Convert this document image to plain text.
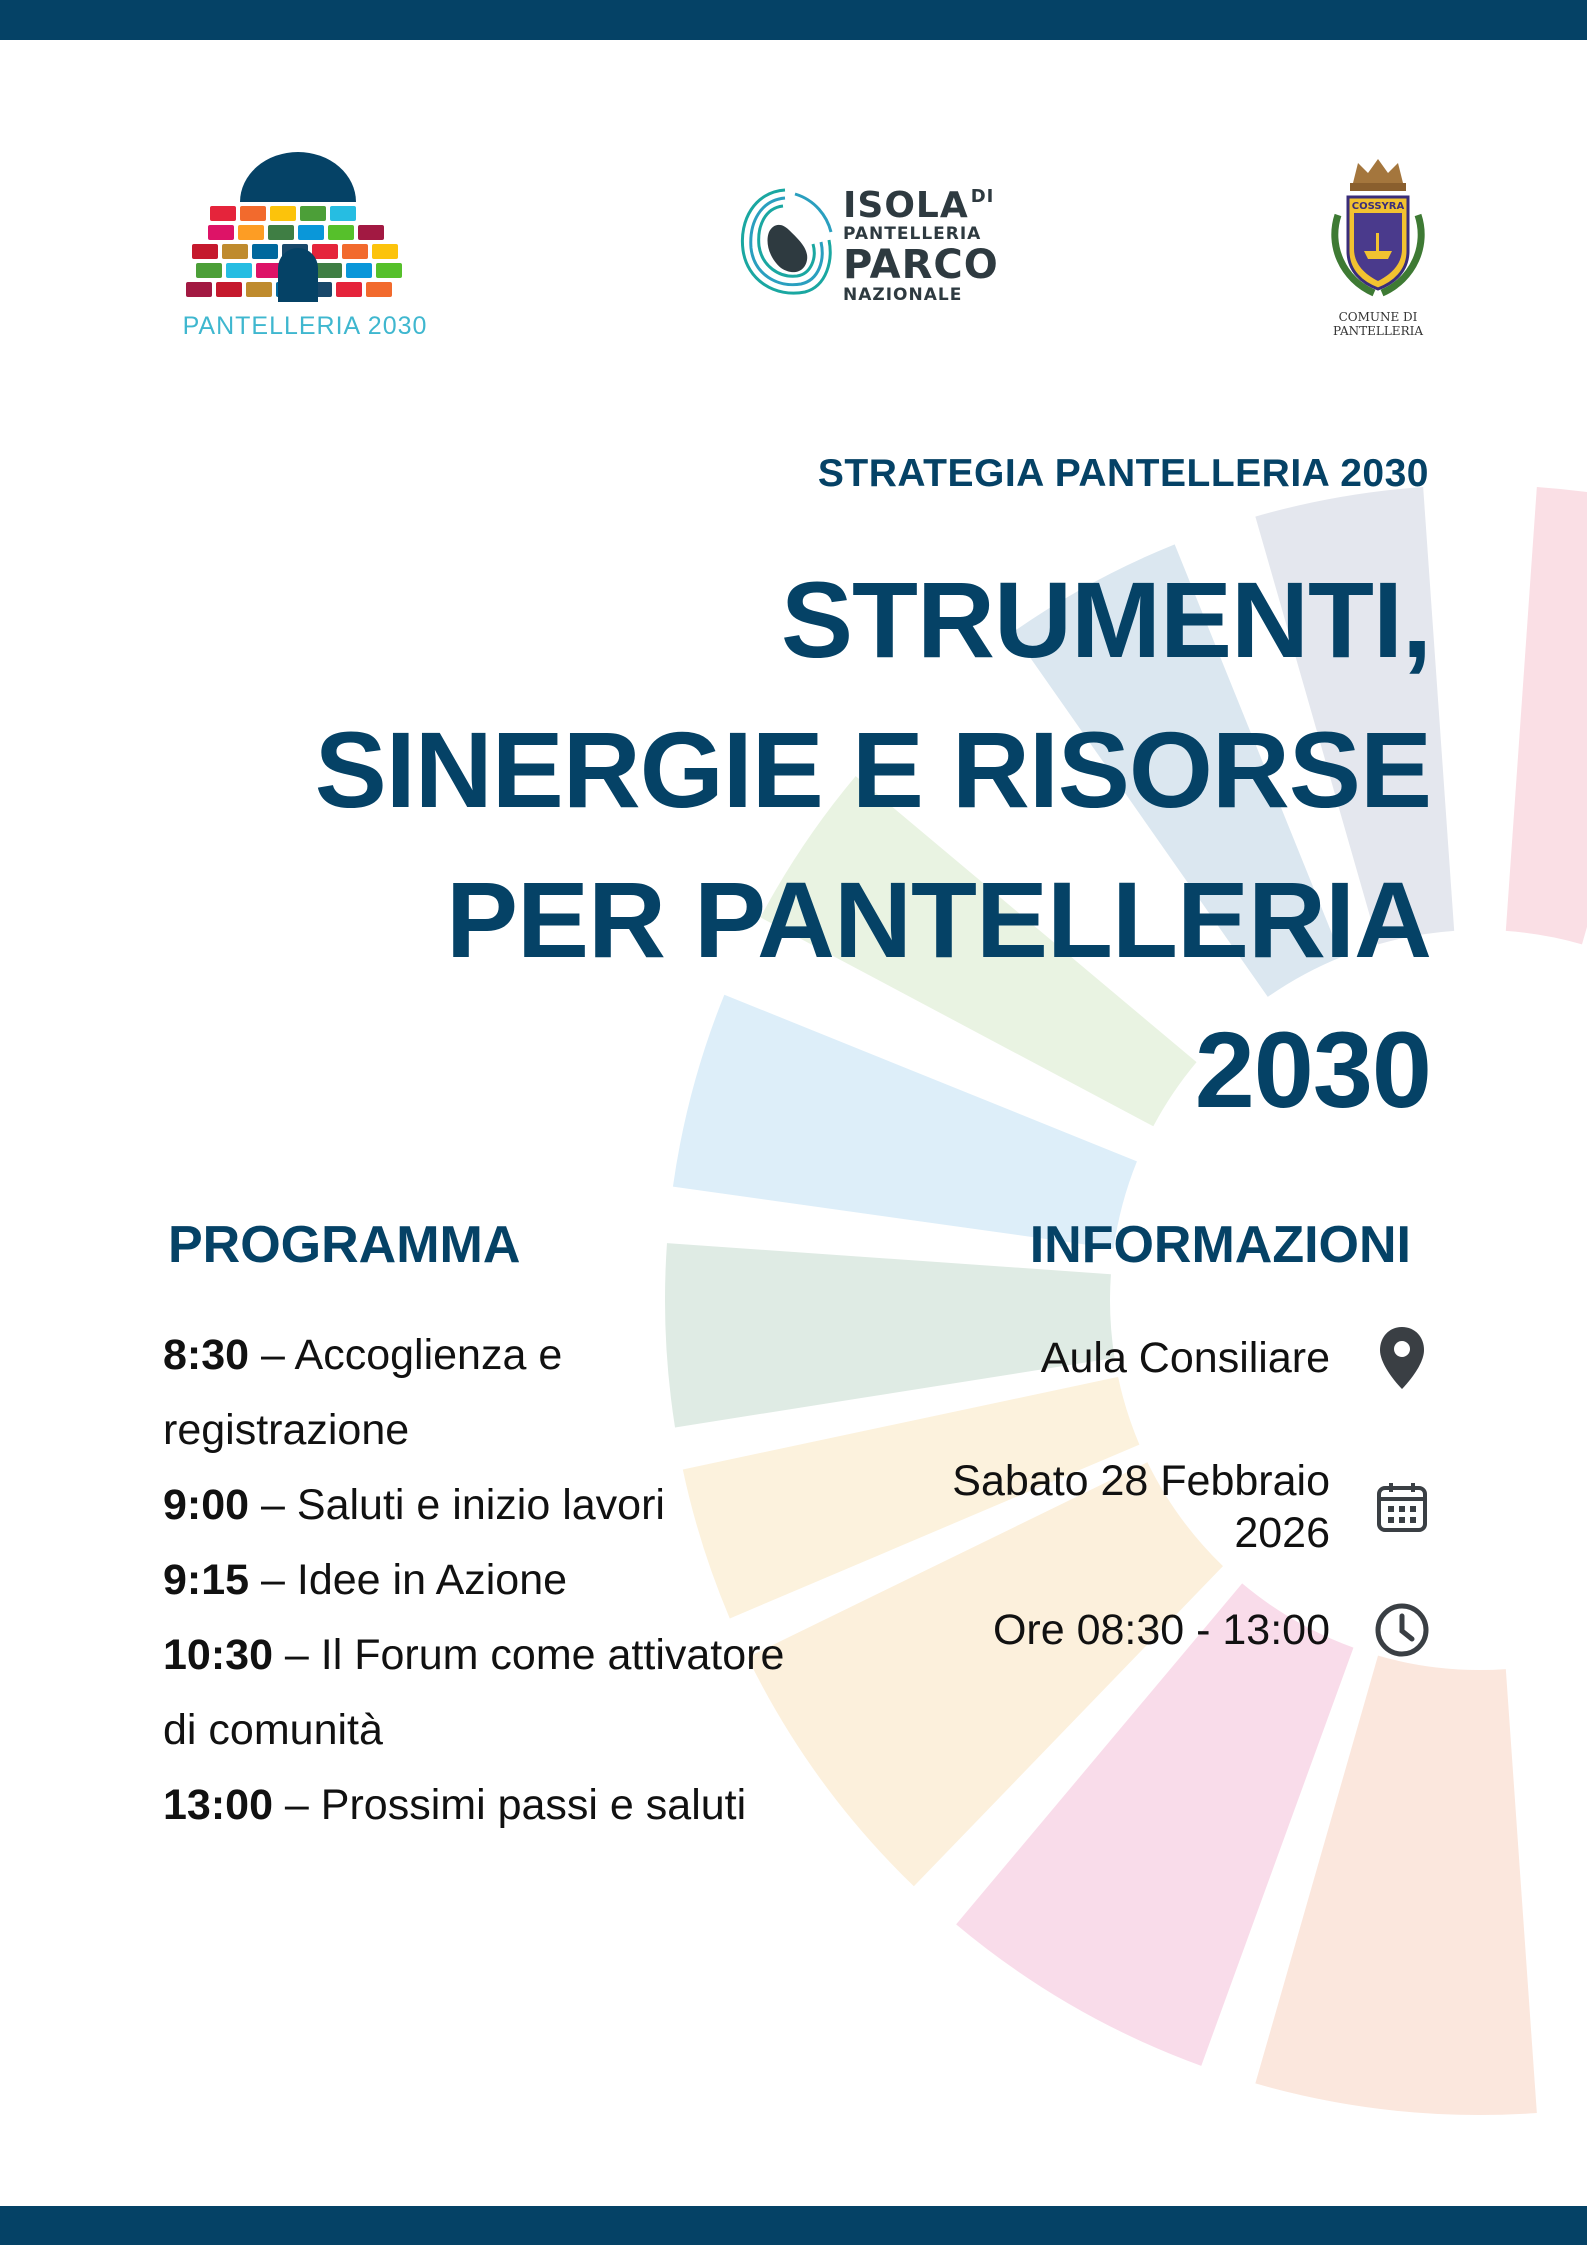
PANTELLERIA 2030
ISOLA DI
PANTELLERIA
PARCO
NAZIONALE
COSSYRA
COMUNE DI
PANTELLERIA
STRATEGIA PANTELLERIA 2030
STRUMENTI,
SINERGIE E RISORSE
PER PANTELLERIA
2030
PROGRAMMA
8:30 – Accoglienza e registrazione
9:00 – Saluti e inizio lavori
9:15 – Idee in Azione
10:30 – Il Forum come attivatore di comunità
13:00 – Prossimi passi e saluti
INFORMAZIONI
Aula Consiliare
Sabato 28 Febbraio
2026
Ore 08:30 - 13:00
